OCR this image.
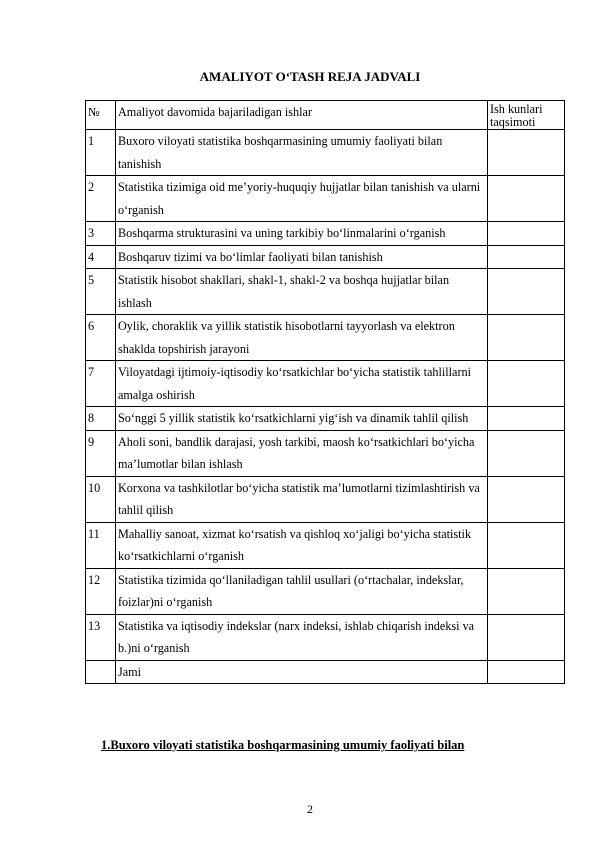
AMALIYOT O‘TASH REJA JADVALI
№	Amaliyot davomida bajariladigan ishlar	Ish kunlari taqsimoti

1	Buxoro viloyati statistika boshqarmasining umumiy faoliyati bilan tanishish	
2	Statistika tizimiga oid me’yoriy-huquqiy hujjatlar bilan tanishish va ularni o‘rganish	
3	Boshqarma strukturasini va uning tarkibiy bo‘linmalarini o‘rganish	
4	Boshqaruv tizimi va bo‘limlar faoliyati bilan tanishish	
5	Statistik hisobot shakllari, shakl-1, shakl-2 va boshqa hujjatlar bilan ishlash	
6	Oylik, choraklik va yillik statistik hisobotlarni tayyorlash va elektron shaklda topshirish jarayoni	
7	Viloyatdagi ijtimoiy-iqtisodiy ko‘rsatkichlar bo‘yicha statistik tahlillarni amalga oshirish	
8	So‘nggi 5 yillik statistik ko‘rsatkichlarni yig‘ish va dinamik tahlil qilish	
9	Aholi soni, bandlik darajasi, yosh tarkibi, maosh ko‘rsatkichlari bo‘yicha ma’lumotlar bilan ishlash	
10	Korxona va tashkilotlar bo‘yicha statistik ma’lumotlarni tizimlashtirish va tahlil qilish	
11	Mahalliy sanoat, xizmat ko‘rsatish va qishloq xo‘jaligi bo‘yicha statistik ko‘rsatkichlarni o‘rganish	
12	Statistika tizimida qo‘llaniladigan tahlil usullari (o‘rtachalar, indekslar, foizlar)ni o‘rganish	
13	Statistika va iqtisodiy indekslar (narx indeksi, ishlab chiqarish indeksi va b.)ni o‘rganish	
	Jami	
1.Buxoro viloyati statistika boshqarmasining umumiy faoliyati bilan
2
